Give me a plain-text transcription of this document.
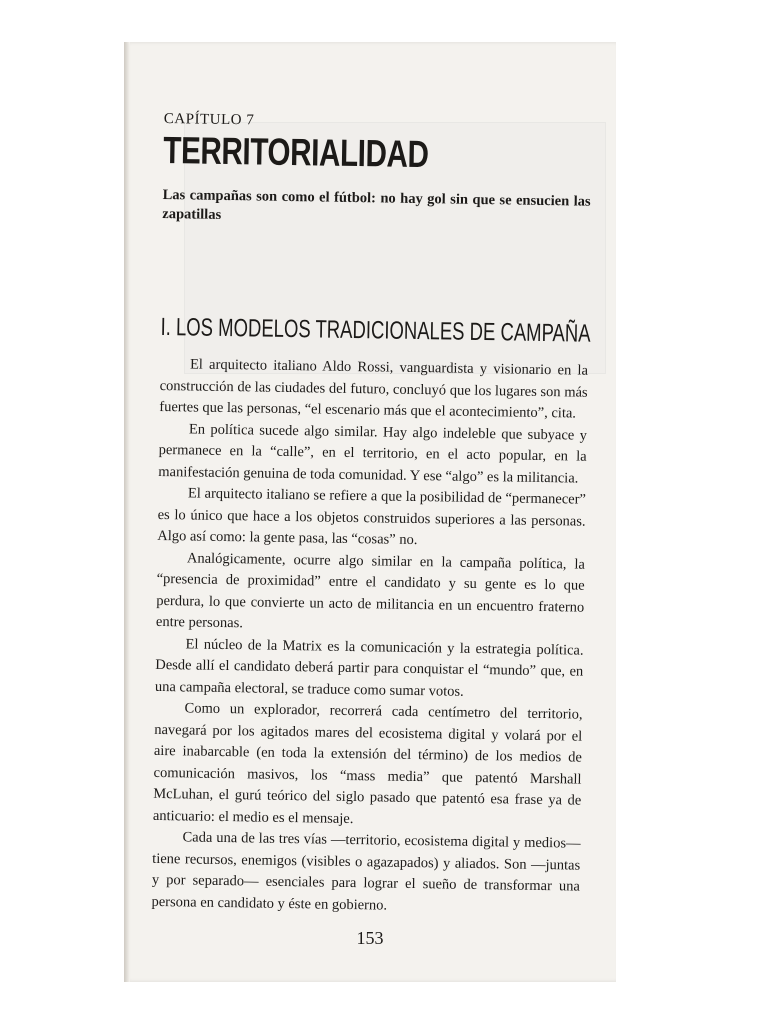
CAPÍTULO 7

TERRITORIALIDAD

Las campañas son como el fútbol: no hay gol sin que se ensucien las zapatillas

I. LOS MODELOS TRADICIONALES DE CAMPAÑA

El arquitecto italiano Aldo Rossi, vanguardista y visionario en la construcción de las ciudades del futuro, concluyó que los lugares son más fuertes que las personas, “el escenario más que el acontecimiento”, cita.

En política sucede algo similar. Hay algo indeleble que subyace y permanece en la “calle”, en el territorio, en el acto popular, en la manifestación genuina de toda comunidad. Y ese “algo” es la militancia.

El arquitecto italiano se refiere a que la posibilidad de “permanecer” es lo único que hace a los objetos construidos superiores a las personas. Algo así como: la gente pasa, las “cosas” no.

Analógicamente, ocurre algo similar en la campaña política, la “presencia de proximidad” entre el candidato y su gente es lo que perdura, lo que convierte un acto de militancia en un encuentro fraterno entre personas.

El núcleo de la Matrix es la comunicación y la estrategia política. Desde allí el candidato deberá partir para conquistar el “mundo” que, en una campaña electoral, se traduce como sumar votos.

Como un explorador, recorrerá cada centímetro del territorio, navegará por los agitados mares del ecosistema digital y volará por el aire inabarcable (en toda la extensión del término) de los medios de comunicación masivos, los “mass media” que patentó Marshall McLuhan, el gurú teórico del siglo pasado que patentó esa frase ya de anticuario: el medio es el mensaje.

Cada una de las tres vías —territorio, ecosistema digital y medios— tiene recursos, enemigos (visibles o agazapados) y aliados. Son —juntas y por separado— esenciales para lograr el sueño de transformar una persona en candidato y éste en gobierno.

153
